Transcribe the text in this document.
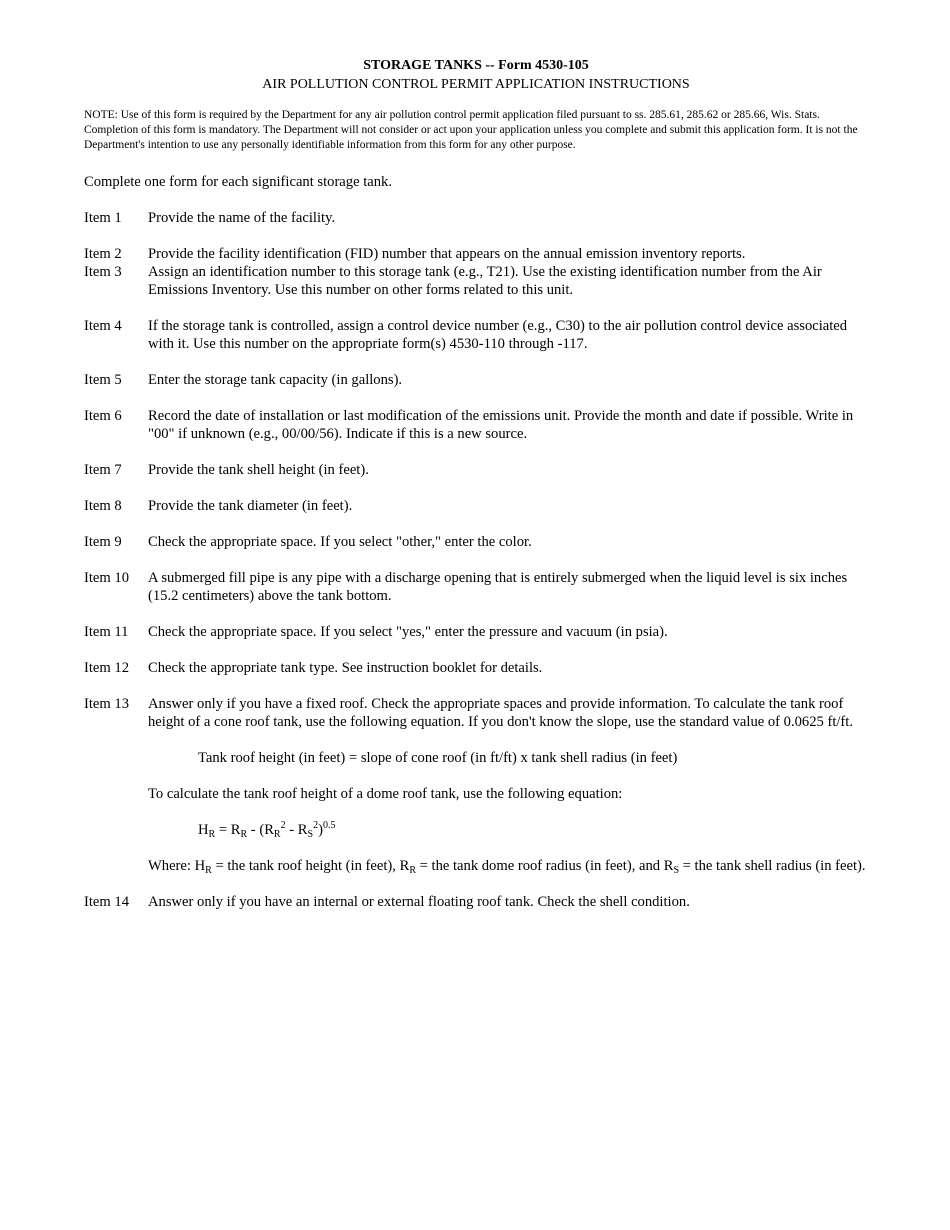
STORAGE TANKS -- Form 4530-105
AIR POLLUTION CONTROL PERMIT APPLICATION INSTRUCTIONS
NOTE: Use of this form is required by the Department for any air pollution control permit application filed pursuant to ss. 285.61, 285.62 or 285.66, Wis. Stats. Completion of this form is mandatory. The Department will not consider or act upon your application unless you complete and submit this application form. It is not the Department's intention to use any personally identifiable information from this form for any other purpose.
Complete one form for each significant storage tank.
Item 1	Provide the name of the facility.
Item 2	Provide the facility identification (FID) number that appears on the annual emission inventory reports.
Item 3	Assign an identification number to this storage tank (e.g., T21). Use the existing identification number from the Air Emissions Inventory. Use this number on other forms related to this unit.
Item 4	If the storage tank is controlled, assign a control device number (e.g., C30) to the air pollution control device associated with it. Use this number on the appropriate form(s) 4530-110 through -117.
Item 5	Enter the storage tank capacity (in gallons).
Item 6	Record the date of installation or last modification of the emissions unit. Provide the month and date if possible. Write in "00" if unknown (e.g., 00/00/56). Indicate if this is a new source.
Item 7	Provide the tank shell height (in feet).
Item 8	Provide the tank diameter (in feet).
Item 9	Check the appropriate space. If you select "other," enter the color.
Item 10	A submerged fill pipe is any pipe with a discharge opening that is entirely submerged when the liquid level is six inches (15.2 centimeters) above the tank bottom.
Item 11	Check the appropriate space. If you select "yes," enter the pressure and vacuum (in psia).
Item 12	Check the appropriate tank type. See instruction booklet for details.
Item 13	Answer only if you have a fixed roof. Check the appropriate spaces and provide information. To calculate the tank roof height of a cone roof tank, use the following equation. If you don't know the slope, use the standard value of 0.0625 ft/ft.
Tank roof height (in feet) = slope of cone roof (in ft/ft) x tank shell radius (in feet)
To calculate the tank roof height of a dome roof tank, use the following equation:
$H_R = R_R - (R_R^2 - R_S^2)^{0.5}$
Where: $H_R$ = the tank roof height (in feet), $R_R$ = the tank dome roof radius (in feet), and $R_S$ = the tank shell radius (in feet).
Item 14	Answer only if you have an internal or external floating roof tank. Check the shell condition.
